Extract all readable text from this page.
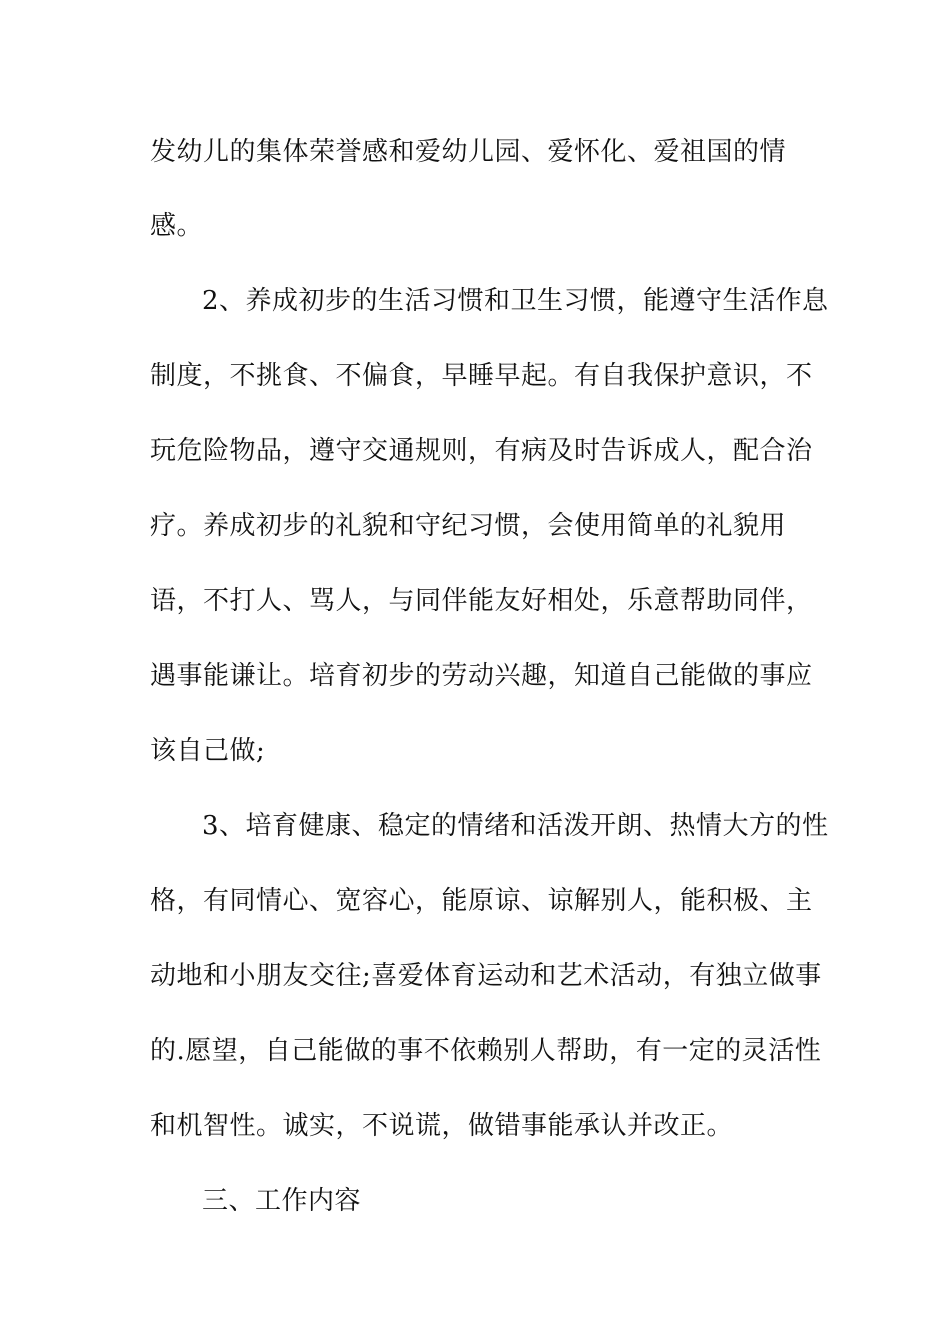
发幼儿的集体荣誉感和爱幼儿园、爱怀化、爱祖国的情
感。
2、养成初步的生活习惯和卫生习惯，能遵守生活作息
制度，不挑食、不偏食，早睡早起。有自我保护意识，不
玩危险物品，遵守交通规则，有病及时告诉成人，配合治
疗。养成初步的礼貌和守纪习惯，会使用简单的礼貌用
语，不打人、骂人，与同伴能友好相处，乐意帮助同伴，
遇事能谦让。培育初步的劳动兴趣，知道自己能做的事应
该自己做;
3、培育健康、稳定的情绪和活泼开朗、热情大方的性
格，有同情心、宽容心，能原谅、谅解别人，能积极、主
动地和小朋友交往;喜爱体育运动和艺术活动，有独立做事
的.愿望，自己能做的事不依赖别人帮助，有一定的灵活性
和机智性。诚实，不说谎，做错事能承认并改正。
三、工作内容
